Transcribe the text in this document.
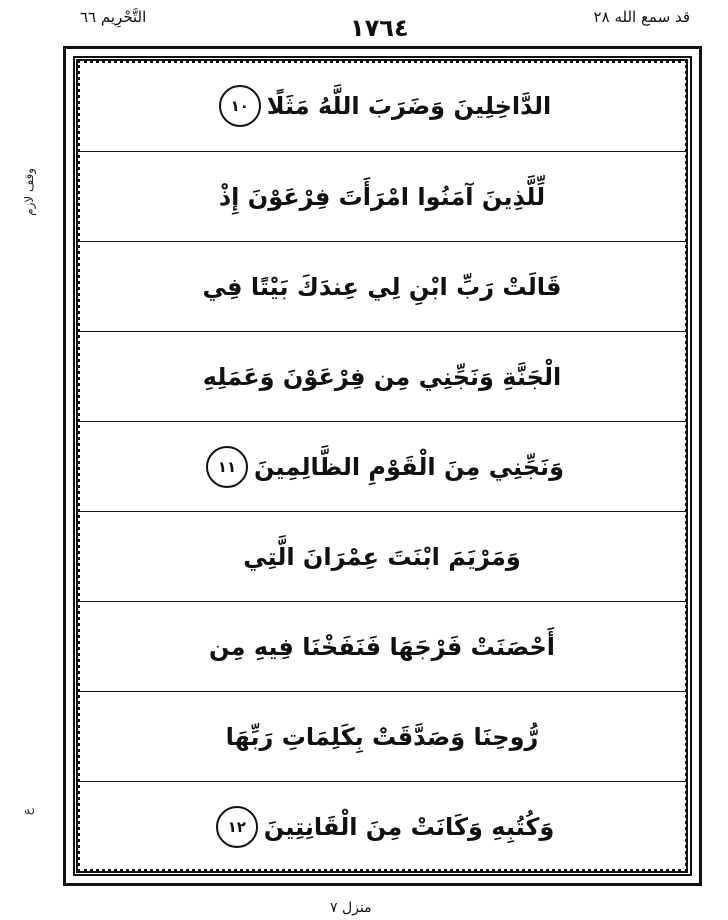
التَّحْرِيم ٦٦	١٧٦٤	قد سمع الله ٢٨
وقف لازم
ع
الدَّاخِلِينَ وَضَرَبَ اللَّهُ مَثَلًا
١٠
لِّلَّذِينَ آمَنُوا امْرَأَتَ فِرْعَوْنَ إِذْ
قَالَتْ رَبِّ ابْنِ لِي عِندَكَ بَيْتًا فِي
الْجَنَّةِ وَنَجِّنِي مِن فِرْعَوْنَ وَعَمَلِهِ
وَنَجِّنِي مِنَ الْقَوْمِ الظَّالِمِينَ
١١
وَمَرْيَمَ ابْنَتَ عِمْرَانَ الَّتِي
أَحْصَنَتْ فَرْجَهَا فَنَفَخْنَا فِيهِ مِن
رُّوحِنَا وَصَدَّقَتْ بِكَلِمَاتِ رَبِّهَا
وَكُتُبِهِ وَكَانَتْ مِنَ الْقَانِتِينَ
١٢
منزل ٧
